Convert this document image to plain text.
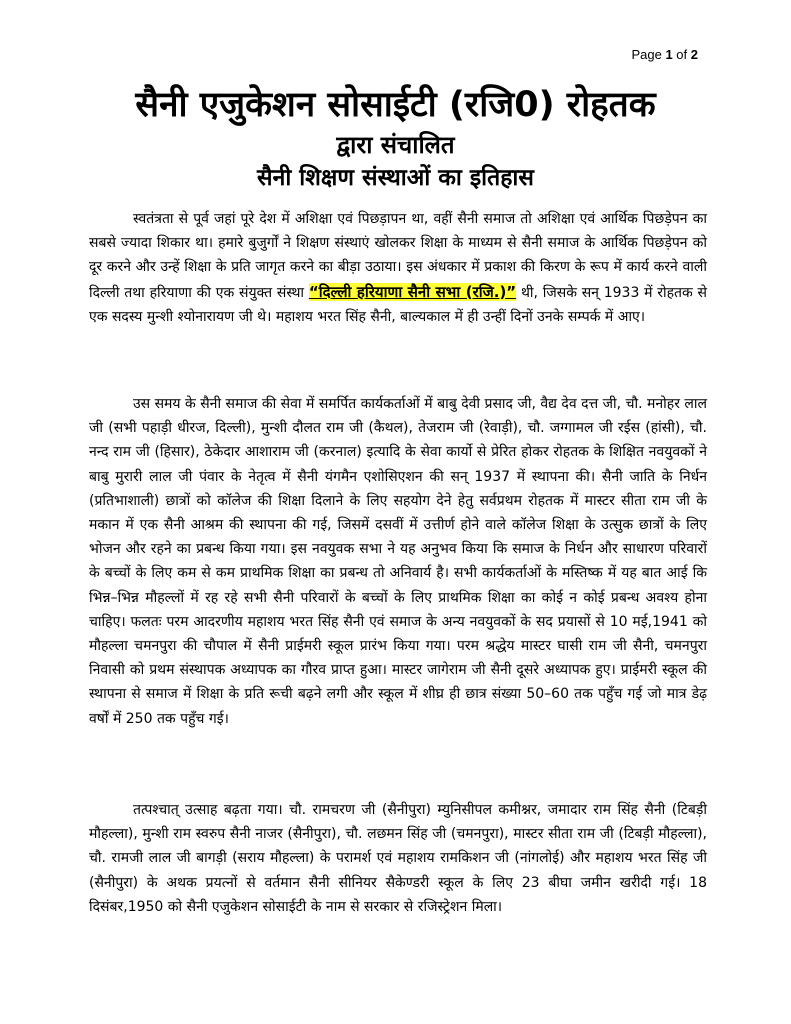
Page 1 of 2
सैनी एजुकेशन सोसाईटी (रजि0) रोहतक
द्वारा संचालित
सैनी शिक्षण संस्थाओं का इतिहास
स्वतंत्रता से पूर्व जहां पूरे देश में अशिक्षा एवं पिछड़ापन था, वहीं सैनी समाज तो अशिक्षा एवं आर्थिक पिछड़ेपन का सबसे ज्यादा शिकार था। हमारे बुजुर्गों ने शिक्षण संस्थाएं खोलकर शिक्षा के माध्यम से सैनी समाज के आर्थिक पिछड़ेपन को दूर करने और उन्हें शिक्षा के प्रति जागृत करने का बीड़ा उठाया। इस अंधकार में प्रकाश की किरण के रूप में कार्य करने वाली दिल्ली तथा हरियाणा की एक संयुक्त संस्था “दिल्ली हरियाणा सैनी सभा (रजि.)” थी, जिसके सन् 1933 में रोहतक से एक सदस्य मुन्शी श्योनारायण जी थे। महाशय भरत सिंह सैनी, बाल्यकाल में ही उन्हीं दिनों उनके सम्पर्क में आए।
उस समय के सैनी समाज की सेवा में समर्पित कार्यकर्ताओं में बाबु देवी प्रसाद जी, वैद्य देव दत्त जी, चौ. मनोहर लाल जी (सभी पहाड़ी धीरज, दिल्ली), मुन्शी दौलत राम जी (कैथल), तेजराम जी (रेवाड़ी), चौ. जग्गामल जी रईस (हांसी), चौ. नन्द राम जी (हिसार), ठेकेदार आशाराम जी (करनाल) इत्यादि के सेवा कार्यो से प्रेरित होकर रोहतक के शिक्षित नवयुवकों ने बाबु मुरारी लाल जी पंवार के नेतृत्व में सैनी यंगमैन एशोसिएशन की सन् 1937 में स्थापना की। सैनी जाति के निर्धन (प्रतिभाशाली) छात्रों को कॉलेज की शिक्षा दिलाने के लिए सहयोग देने हेतु सर्वप्रथम रोहतक में मास्टर सीता राम जी के मकान में एक सैनी आश्रम की स्थापना की गई, जिसमें दसवीं में उत्तीर्ण होने वाले कॉलेज शिक्षा के उत्सुक छात्रों के लिए भोजन और रहने का प्रबन्ध किया गया। इस नवयुवक सभा ने यह अनुभव किया कि समाज के निर्धन और साधारण परिवारों के बच्चों के लिए कम से कम प्राथमिक शिक्षा का प्रबन्ध तो अनिवार्य है। सभी कार्यकर्ताओं के मस्तिष्क में यह बात आई कि भिन्न–भिन्न मौहल्लों में रह रहे सभी सैनी परिवारों के बच्चों के लिए प्राथमिक शिक्षा का कोई न कोई प्रबन्ध अवश्य होना चाहिए। फलतः परम आदरणीय महाशय भरत सिंह सैनी एवं समाज के अन्य नवयुवकों के सद प्रयासों से 10 मई,1941 को मौहल्ला चमनपुरा की चौपाल में सैनी प्राईमरी स्कूल प्रारंभ किया गया। परम श्रद्धेय मास्टर घासी राम जी सैनी, चमनपुरा निवासी को प्रथम संस्थापक अध्यापक का गौरव प्राप्त हुआ। मास्टर जागेराम जी सैनी दूसरे अध्यापक हुए। प्राईमरी स्कूल की स्थापना से समाज में शिक्षा के प्रति रूची बढ़ने लगी और स्कूल में शीघ्र ही छात्र संख्या 50–60 तक पहुँच गई जो मात्र डेढ़ वर्षों में 250 तक पहुँच गई।
तत्पश्चात् उत्साह बढ़ता गया। चौ. रामचरण जी (सैनीपुरा) म्युनिसीपल कमीश्नर, जमादार राम सिंह सैनी (टिबड़ी मौहल्ला), मुन्शी राम स्वरुप सैनी नाजर (सैनीपुरा), चौ. लछमन सिंह जी (चमनपुरा), मास्टर सीता राम जी (टिबड़ी मौहल्ला), चौ. रामजी लाल जी बागड़ी (सराय मौहल्ला) के परामर्श एवं महाशय रामकिशन जी (नांगलोई) और महाशय भरत सिंह जी (सैनीपुरा) के अथक प्रयत्नों से वर्तमान सैनी सीनियर सैकेण्डरी स्कूल के लिए 23 बीघा जमीन खरीदी गई। 18 दिसंबर,1950 को सैनी एजुकेशन सोसाईटी के नाम से सरकार से रजिस्ट्रेशन मिला।
